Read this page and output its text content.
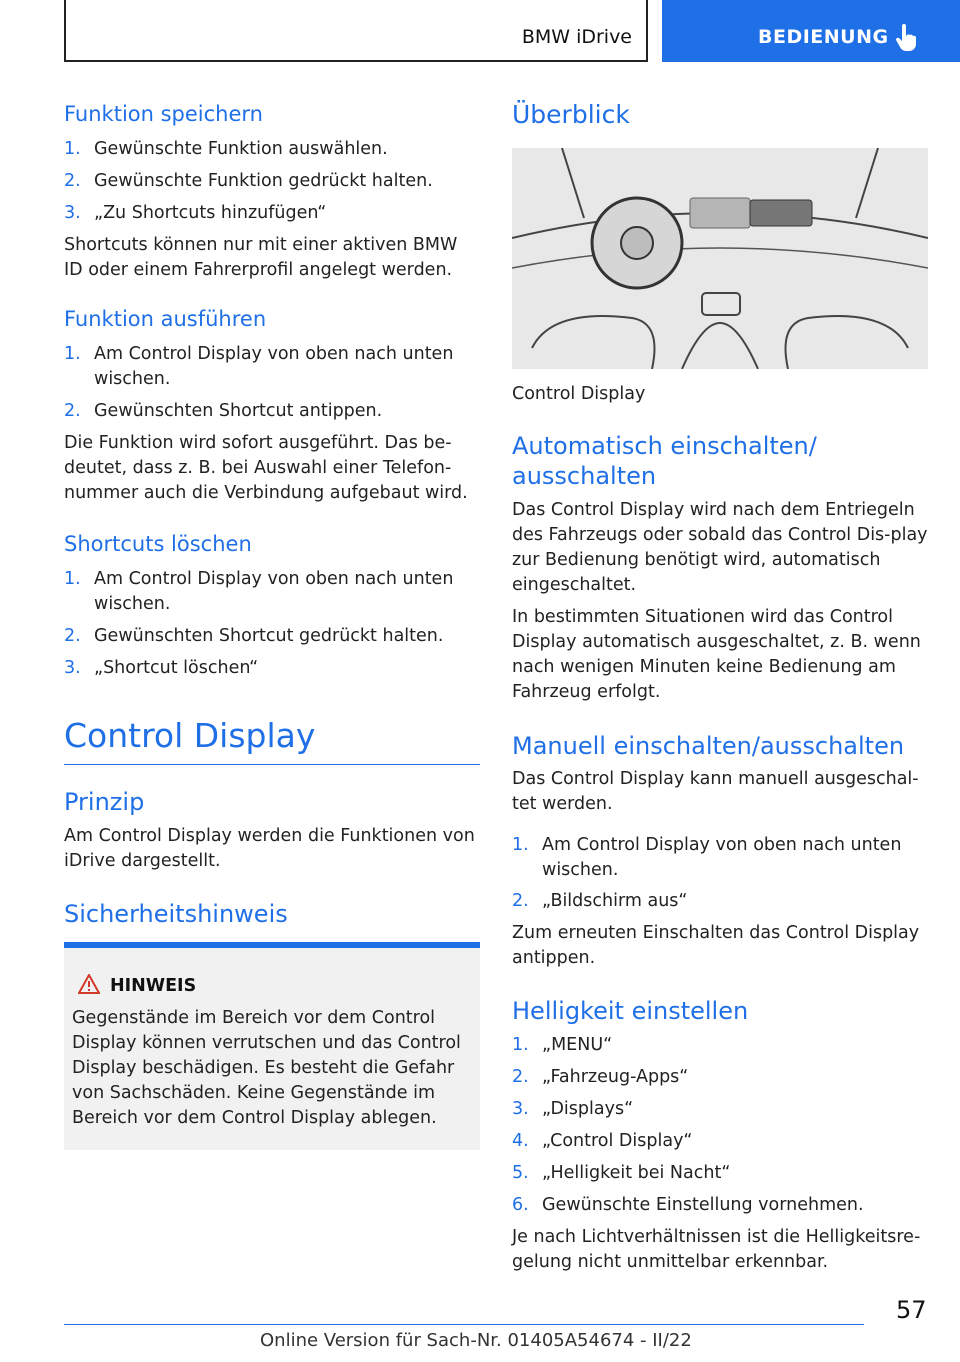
BMW iDrive	BEDIENUNG
Funktion speichern
1. Gewünschte Funktion auswählen.
2. Gewünschte Funktion gedrückt halten.
3. „Zu Shortcuts hinzufügen“
Shortcuts können nur mit einer aktiven BMW ID oder einem Fahrerprofil angelegt werden.
Funktion ausführen
1. Am Control Display von oben nach unten wischen.
2. Gewünschten Shortcut antippen.
Die Funktion wird sofort ausgeführt. Das be-deutet, dass z. B. bei Auswahl einer Telefon-nummer auch die Verbindung aufgebaut wird.
Shortcuts löschen
1. Am Control Display von oben nach unten wischen.
2. Gewünschten Shortcut gedrückt halten.
3. „Shortcut löschen“
Control Display
Prinzip
Am Control Display werden die Funktionen von iDrive dargestellt.
Sicherheitshinweis
HINWEIS
Gegenstände im Bereich vor dem Control Display können verrutschen und das Control Display beschädigen. Es besteht die Gefahr von Sachschäden. Keine Gegenstände im Bereich vor dem Control Display ablegen.
Überblick
Control Display
Automatisch einschalten/
ausschalten
Das Control Display wird nach dem Entriegeln des Fahrzeugs oder sobald das Control Dis-play zur Bedienung benötigt wird, automatisch eingeschaltet.
In bestimmten Situationen wird das Control Display automatisch ausgeschaltet, z. B. wenn nach wenigen Minuten keine Bedienung am Fahrzeug erfolgt.
Manuell einschalten/ausschalten
Das Control Display kann manuell ausgeschal-tet werden.
1. Am Control Display von oben nach unten wischen.
2. „Bildschirm aus“
Zum erneuten Einschalten das Control Display antippen.
Helligkeit einstellen
1. „MENU“
2. „Fahrzeug-Apps“
3. „Displays“
4. „Control Display“
5. „Helligkeit bei Nacht“
6. Gewünschte Einstellung vornehmen.
Je nach Lichtverhältnissen ist die Helligkeitsre-gelung nicht unmittelbar erkennbar.
57
Online Version für Sach-Nr. 01405A54674 - II/22
